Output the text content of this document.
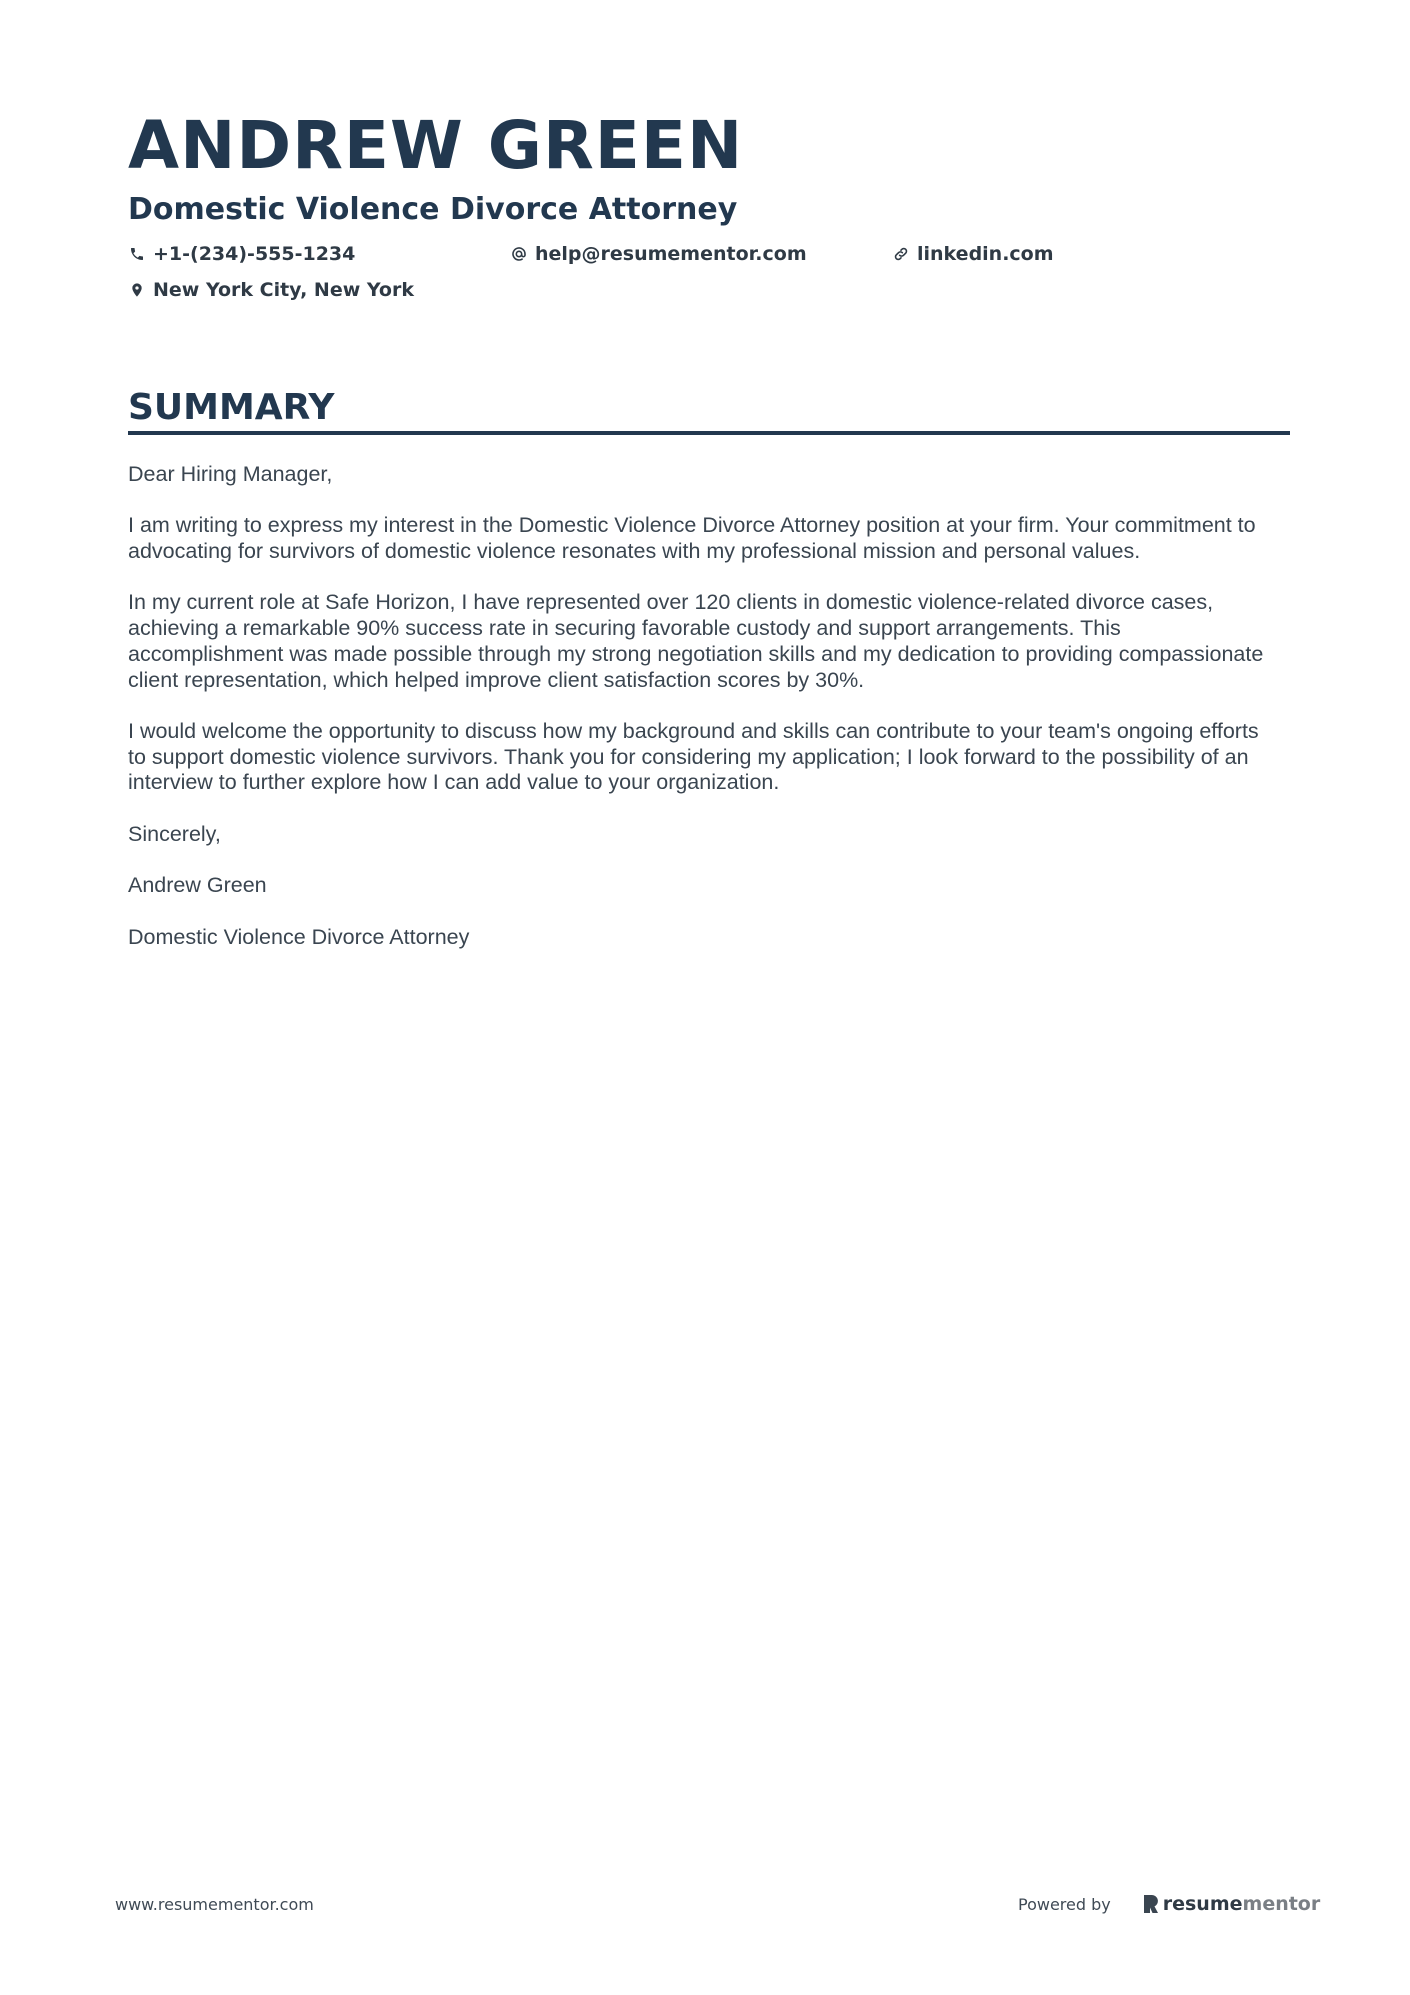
ANDREW GREEN
Domestic Violence Divorce Attorney
+1-(234)-555-1234	help@resumementor.com	linkedin.com
New York City, New York
SUMMARY

Dear Hiring Manager,

I am writing to express my interest in the Domestic Violence Divorce Attorney position at your firm. Your commitment to advocating for survivors of domestic violence resonates with my professional mission and personal values.

In my current role at Safe Horizon, I have represented over 120 clients in domestic violence-related divorce cases, achieving a remarkable 90% success rate in securing favorable custody and support arrangements. This accomplishment was made possible through my strong negotiation skills and my dedication to providing compassionate client representation, which helped improve client satisfaction scores by 30%.

I would welcome the opportunity to discuss how my background and skills can contribute to your team's ongoing efforts to support domestic violence survivors. Thank you for considering my application; I look forward to the possibility of an interview to further explore how I can add value to your organization.

Sincerely,

Andrew Green

Domestic Violence Divorce Attorney

www.resumementor.com	Powered by	resume mentor
